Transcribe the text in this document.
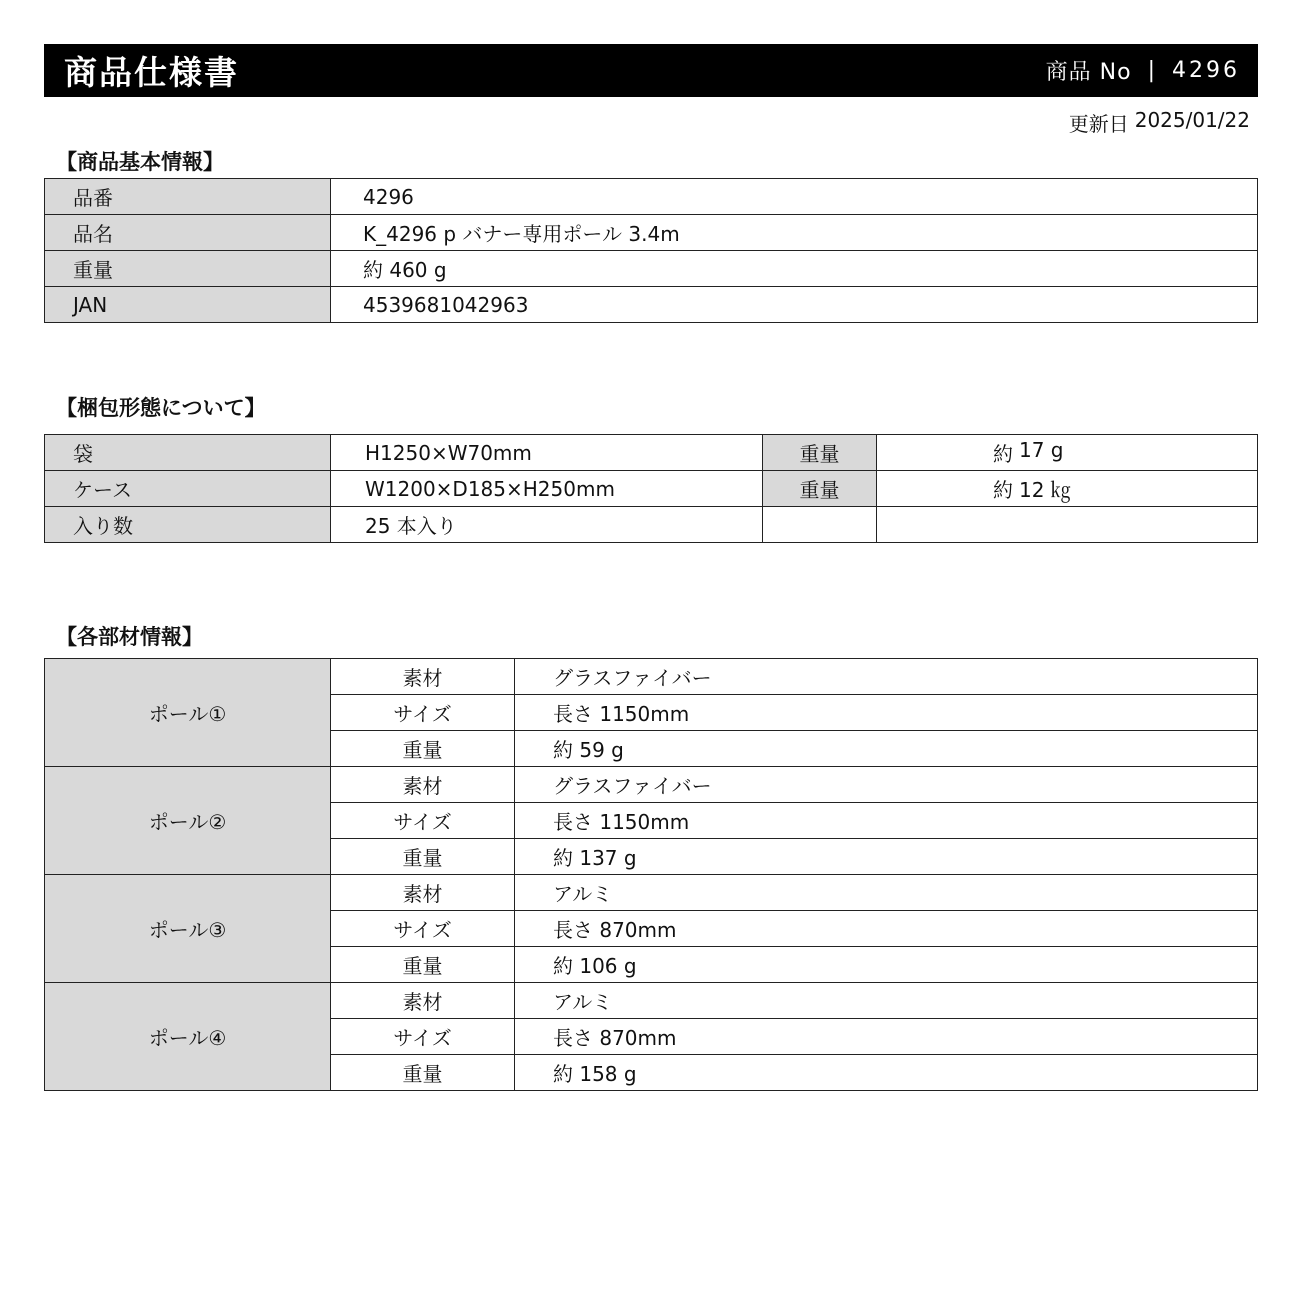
商品仕様書	商品 No | 4296
更新日 2025/01/22
【商品基本情報】
品番	4296
品名	K_4296 p バナー専用ポール 3.4m
重量	約 460 g
JAN	4539681042963
【梱包形態について】
袋	H1250×W70mm	重量	約 17 g

ケース	W1200×D185×H250mm	重量	約 12 ㎏

入り数	25 本入り		
【各部材情報】
ポール①	素材	グラスファイバー
	サイズ	長さ 1150mm
	重量	約 59 g
ポール②	素材	グラスファイバー
	サイズ	長さ 1150mm
	重量	約 137 g
ポール③	素材	アルミ
	サイズ	長さ 870mm
	重量	約 106 g
ポール④	素材	アルミ
	サイズ	長さ 870mm
	重量	約 158 g
